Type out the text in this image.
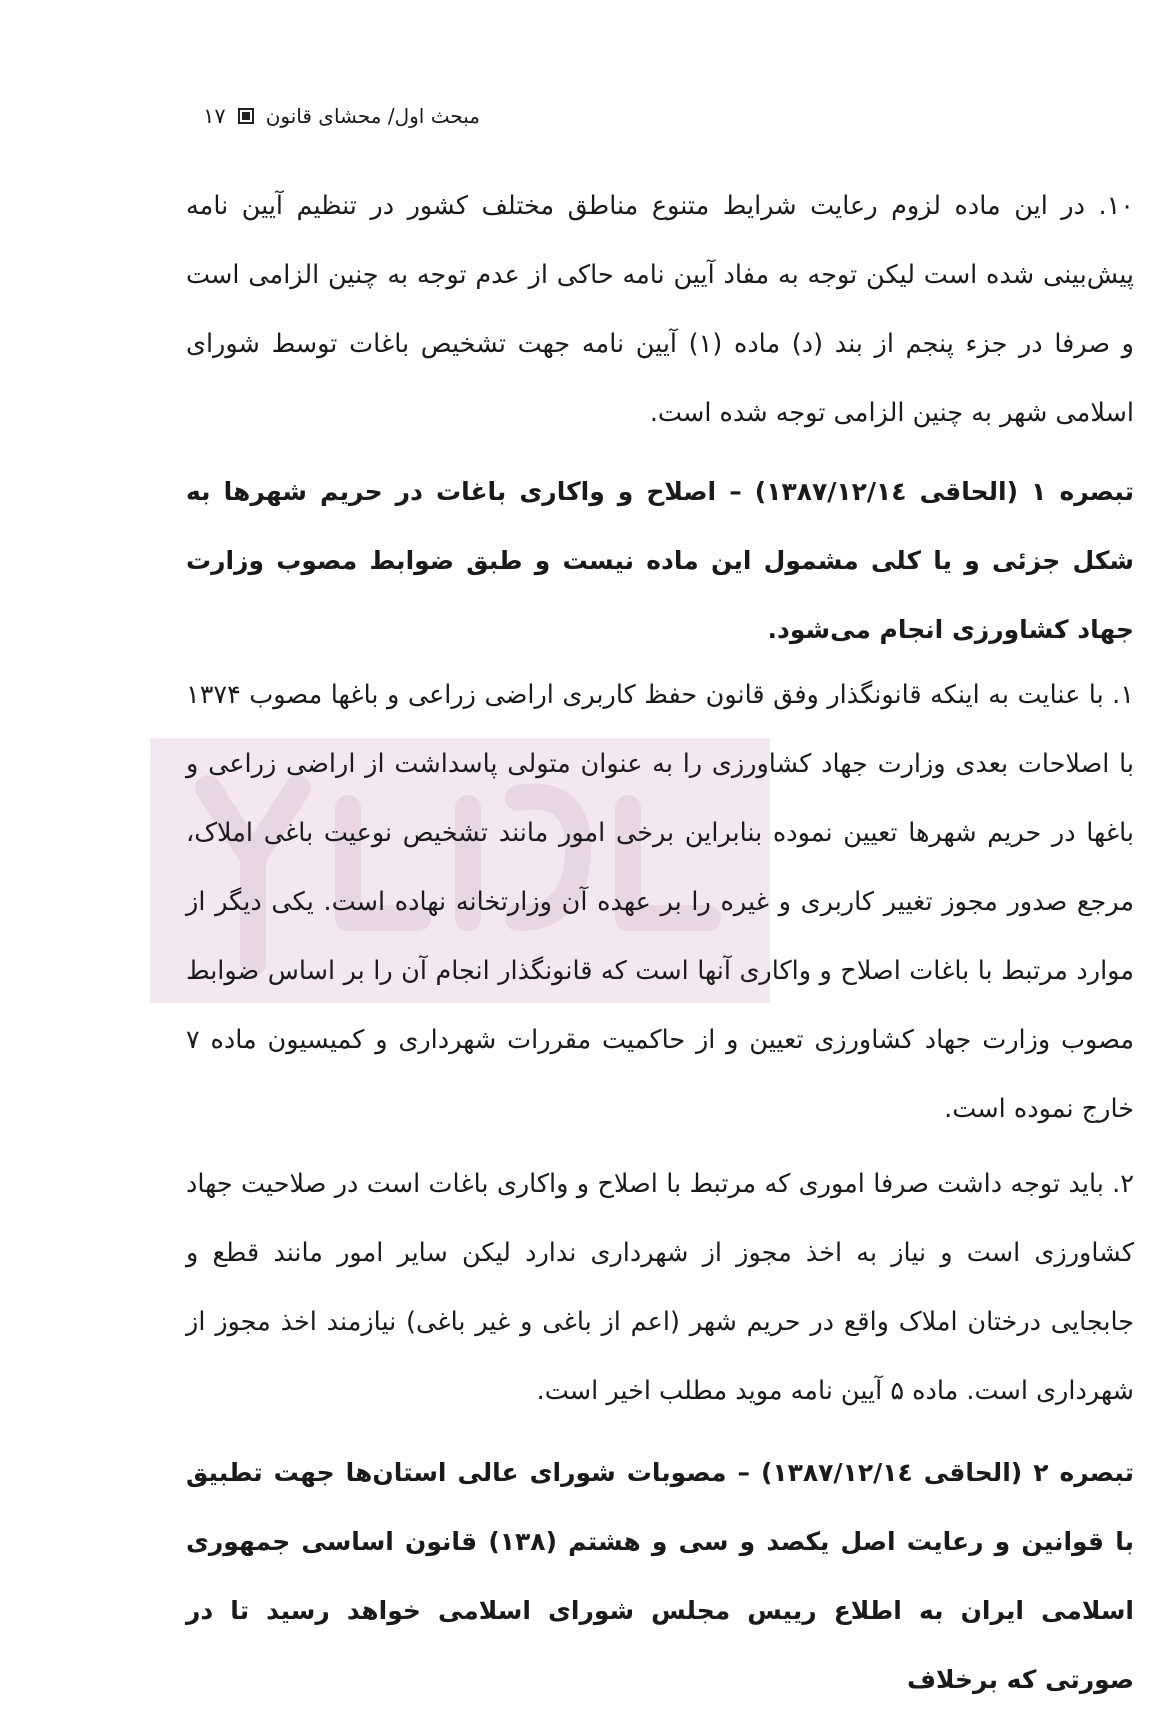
مبحث اول/ محشای قانون
۱۷
۱۰. در این ماده لزوم رعایت شرایط متنوع مناطق مختلف کشور در تنظیم آیین نامه پیش‌بینی شده است لیکن توجه به مفاد آیین نامه حاکی از عدم توجه به چنین الزامی است و صرفا در جزء پنجم از بند (د) ماده (۱) آیین نامه جهت تشخیص باغات توسط شورای اسلامی شهر به چنین الزامی توجه شده است.
تبصره ۱ (الحاقی ۱۳۸۷/۱۲/۱٤) – اصلاح و واکاری باغات در حریم شهرها به شکل جزئی و یا کلی مشمول این ماده نیست و طبق ضوابط مصوب وزارت جهاد کشاورزی انجام می‌شود.
۱. با عنایت به اینکه قانونگذار وفق قانون حفظ کاربری اراضی زراعی و باغها مصوب ۱۳۷۴ با اصلاحات بعدی وزارت جهاد کشاورزی را به عنوان متولی پاسداشت از اراضی زراعی و باغها در حریم شهرها تعیین نموده بنابراین برخی امور مانند تشخیص نوعیت باغی املاک، مرجع صدور مجوز تغییر کاربری و غیره را بر عهده آن وزارتخانه نهاده است. یکی دیگر از موارد مرتبط با باغات اصلاح و واکاری آنها است که قانونگذار انجام آن را بر اساس ضوابط مصوب وزارت جهاد کشاورزی تعیین و از حاکمیت مقررات شهرداری و کمیسیون ماده ۷ خارج نموده است.
۲. باید توجه داشت صرفا اموری که مرتبط با اصلاح و واکاری باغات است در صلاحیت جهاد کشاورزی است و نیاز به اخذ مجوز از شهرداری ندارد لیکن سایر امور مانند قطع و جابجایی درختان املاک واقع در حریم شهر (اعم از باغی و غیر باغی) نیازمند اخذ مجوز از شهرداری است. ماده ۵ آیین نامه موید مطلب اخیر است.
تبصره ۲ (الحاقی ۱۳۸۷/۱۲/۱٤) – مصوبات شورای عالی استان‌ها جهت تطبیق با قوانین و رعایت اصل یکصد و سی و هشتم (۱۳۸) قانون اساسی جمهوری اسلامی ایران به اطلاع رییس مجلس شورای اسلامی خواهد رسید تا در صورتی که برخلاف
